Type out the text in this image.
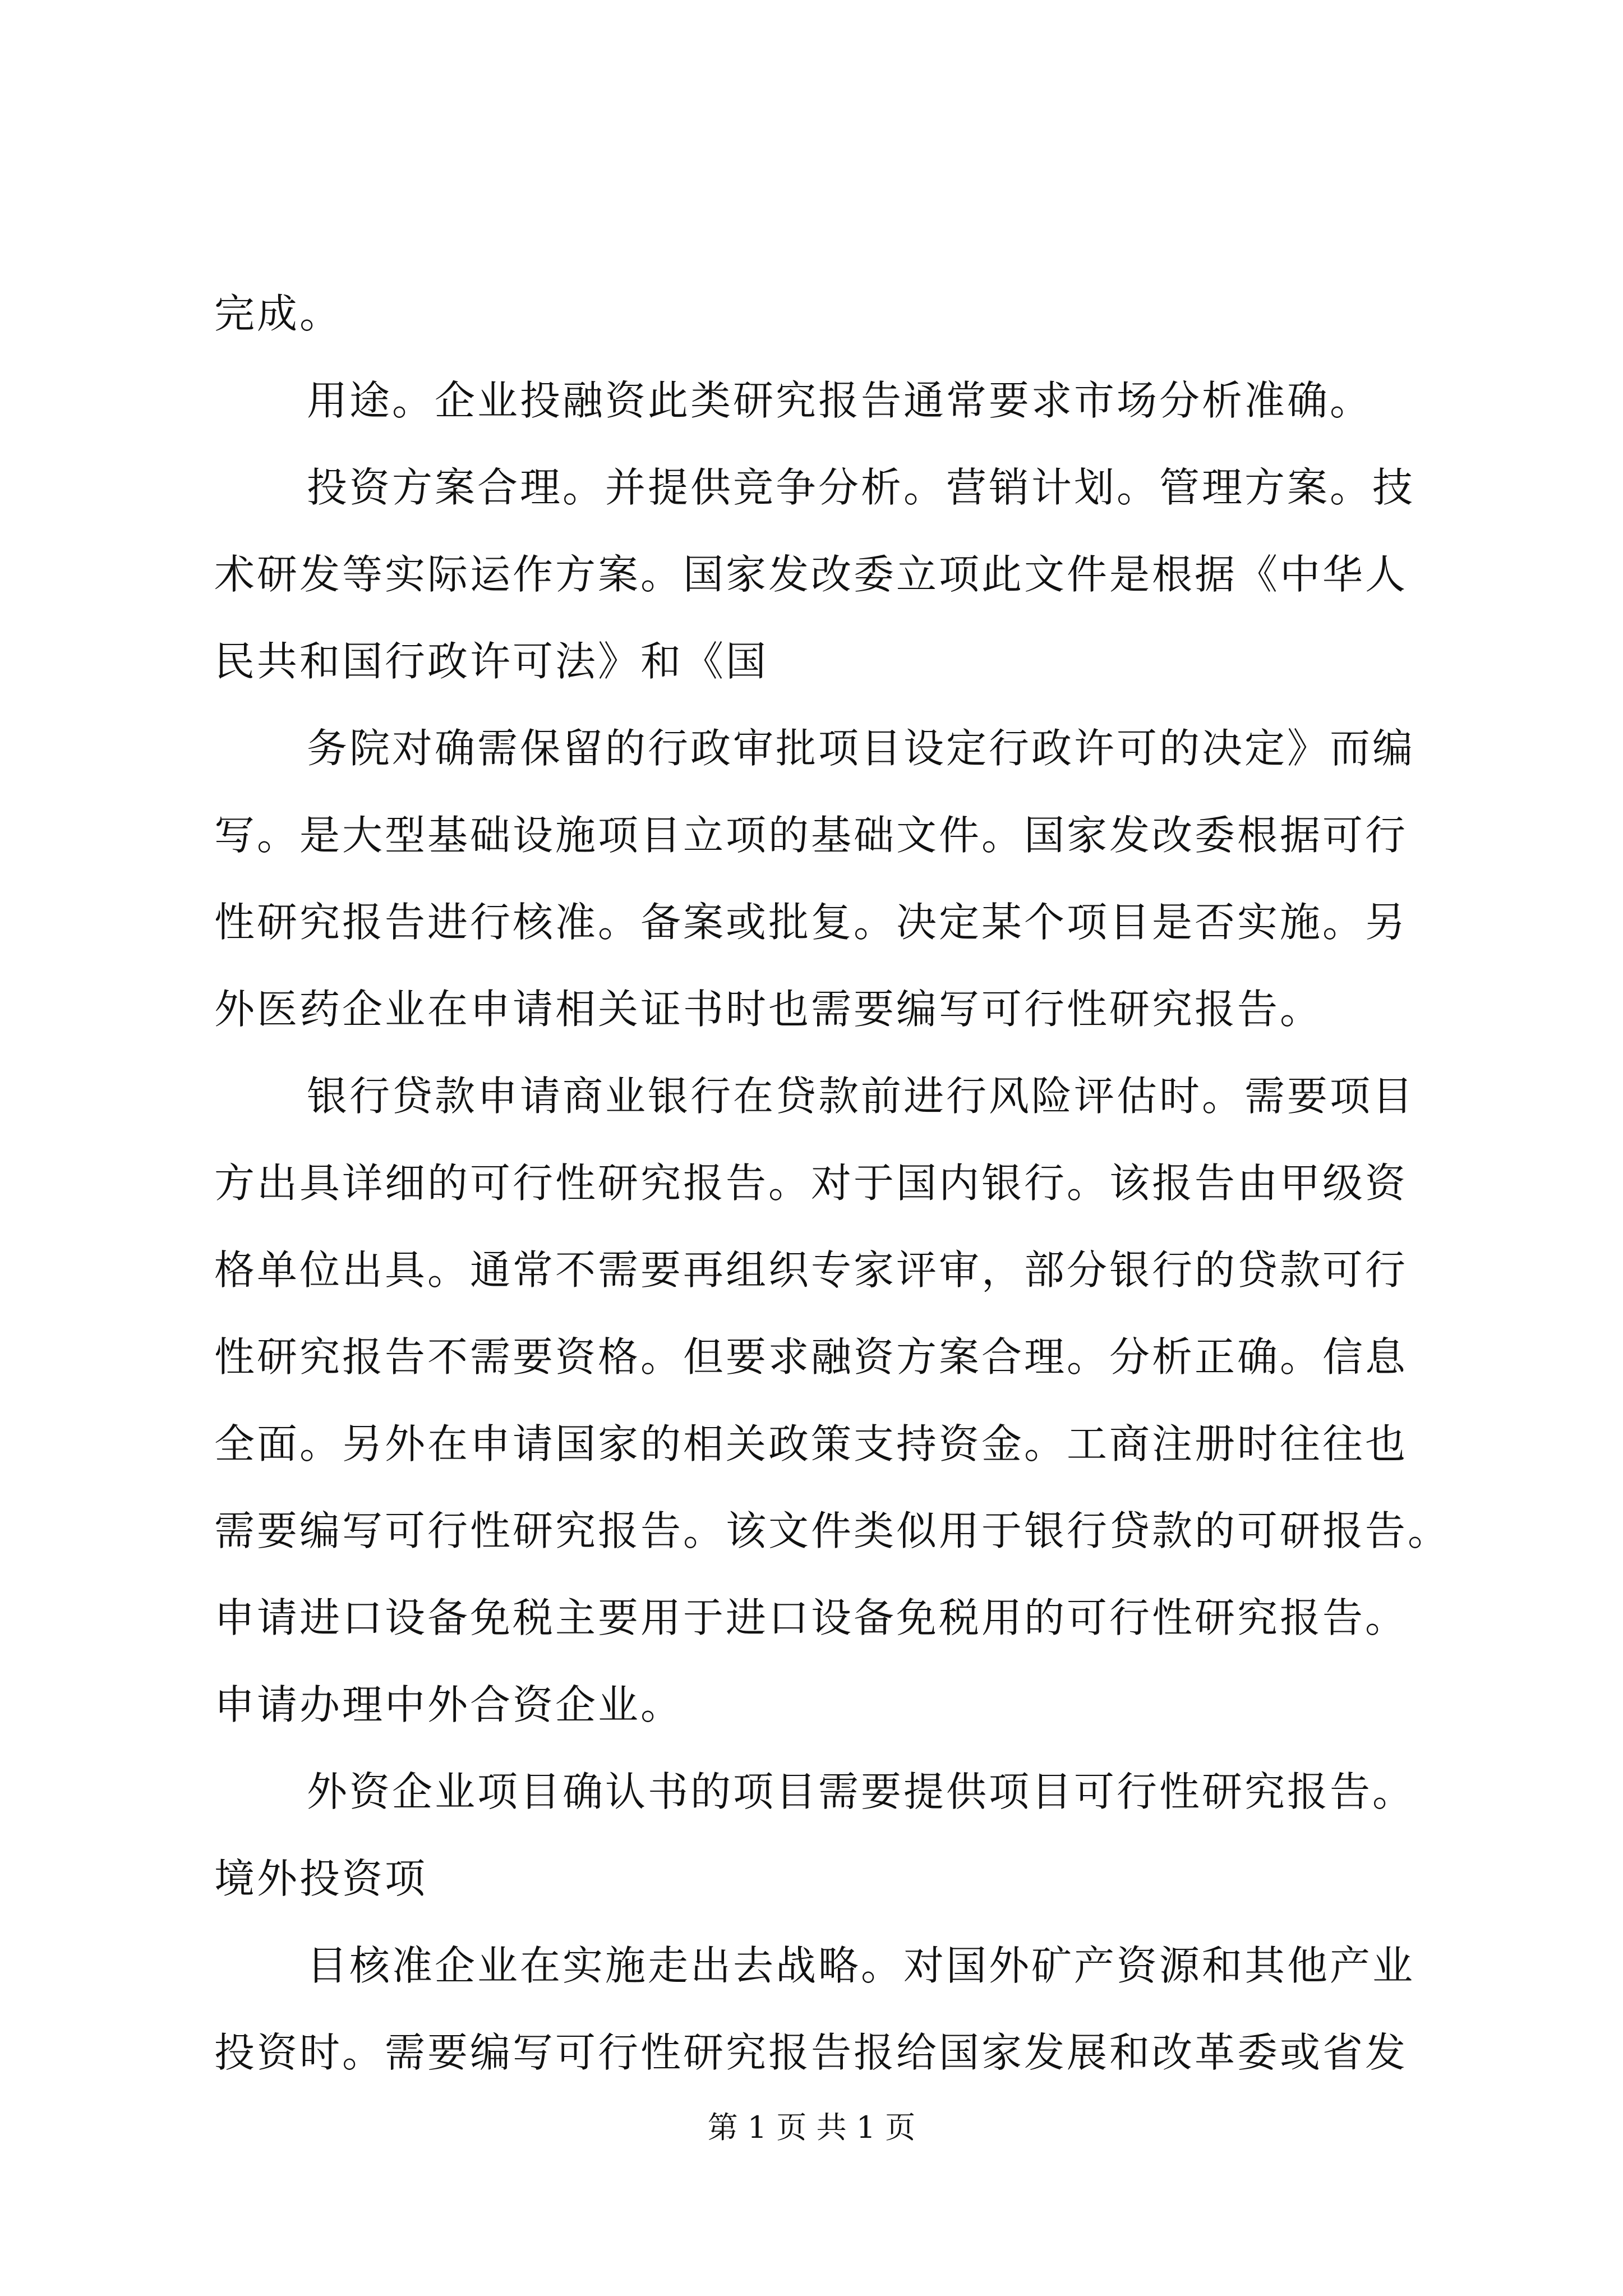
完成。
用途。企业投融资此类研究报告通常要求市场分析准确。
投资方案合理。并提供竞争分析。营销计划。管理方案。技
术研发等实际运作方案。国家发改委立项此文件是根据《中华人
民共和国行政许可法》和《国
务院对确需保留的行政审批项目设定行政许可的决定》而编
写。是大型基础设施项目立项的基础文件。国家发改委根据可行
性研究报告进行核准。备案或批复。决定某个项目是否实施。另
外医药企业在申请相关证书时也需要编写可行性研究报告。
银行贷款申请商业银行在贷款前进行风险评估时。需要项目
方出具详细的可行性研究报告。对于国内银行。该报告由甲级资
格单位出具。通常不需要再组织专家评审，部分银行的贷款可行
性研究报告不需要资格。但要求融资方案合理。分析正确。信息
全面。另外在申请国家的相关政策支持资金。工商注册时往往也
需要编写可行性研究报告。该文件类似用于银行贷款的可研报告。
申请进口设备免税主要用于进口设备免税用的可行性研究报告。
申请办理中外合资企业。
外资企业项目确认书的项目需要提供项目可行性研究报告。
境外投资项
目核准企业在实施走出去战略。对国外矿产资源和其他产业
投资时。需要编写可行性研究报告报给国家发展和改革委或省发
第 1 页 共 1 页
